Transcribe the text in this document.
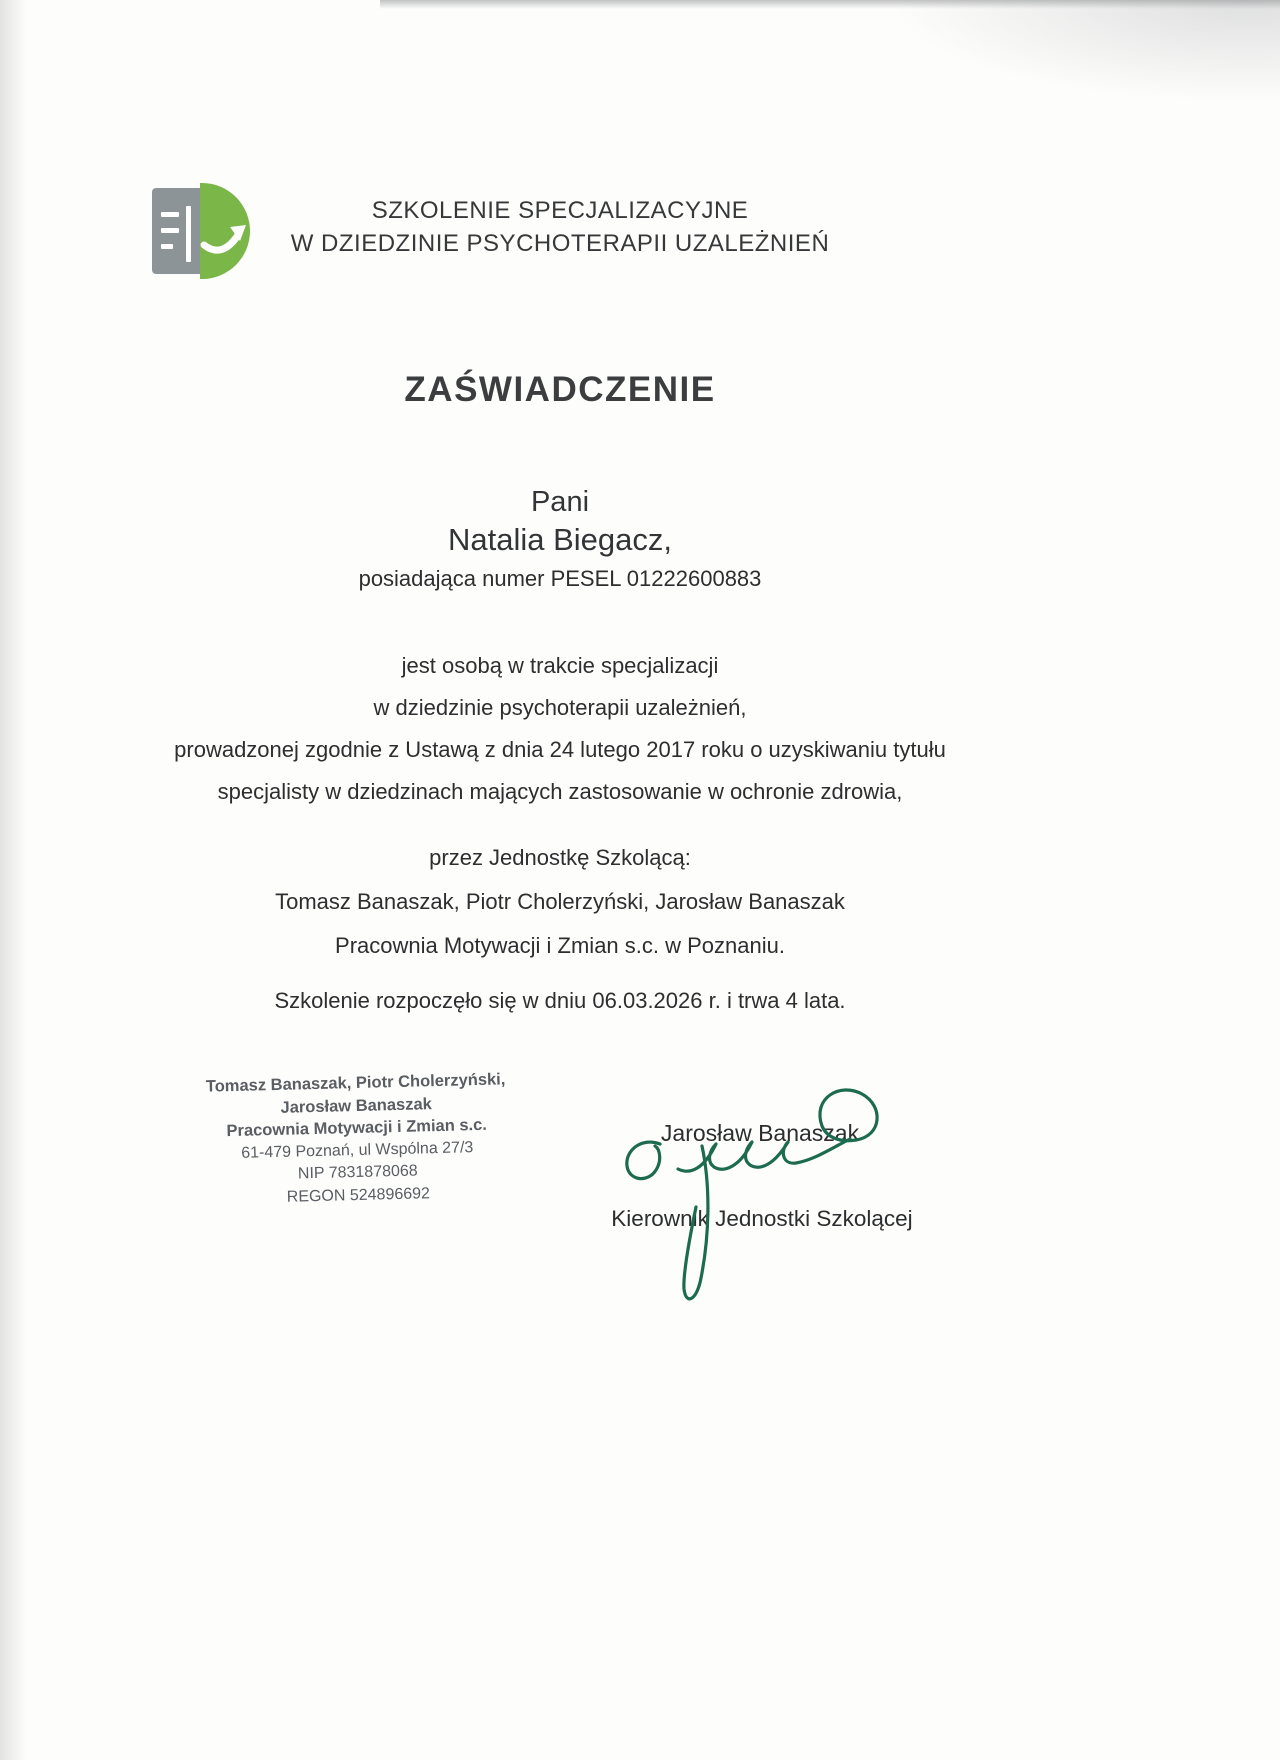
SZKOLENIE SPECJALIZACYJNE
W DZIEDZINIE PSYCHOTERAPII UZALEŻNIEŃ
ZAŚWIADCZENIE
Pani
Natalia Biegacz,
posiadająca numer PESEL 01222600883
jest osobą w trakcie specjalizacji
w dziedzinie psychoterapii uzależnień,
prowadzonej zgodnie z Ustawą z dnia 24 lutego 2017 roku o uzyskiwaniu tytułu
specjalisty w dziedzinach mających zastosowanie w ochronie zdrowia,
przez Jednostkę Szkolącą:
Tomasz Banaszak, Piotr Cholerzyński, Jarosław Banaszak
Pracownia Motywacji i Zmian s.c. w Poznaniu.
Szkolenie rozpoczęło się w dniu 06.03.2026 r. i trwa 4 lata.
Tomasz Banaszak, Piotr Cholerzyński,
Jarosław Banaszak
Pracownia Motywacji i Zmian s.c.
61-479 Poznań, ul Wspólna 27/3
NIP 7831878068
REGON 524896692
Jarosław Banaszak
Kierownik Jednostki Szkolącej
